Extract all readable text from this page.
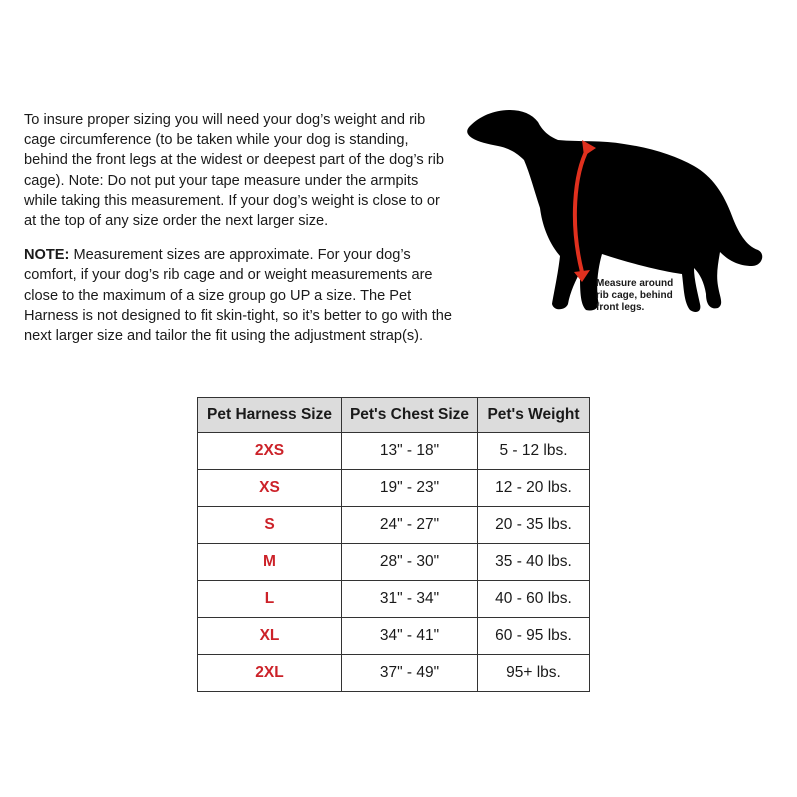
To insure proper sizing you will need your dog’s weight and rib cage circumference (to be taken while your dog is standing, behind the front legs at the widest or deepest part of the dog’s rib cage). Note: Do not put your tape measure under the armpits while taking this measurement. If your dog’s weight is close to or at the top of any size order the next larger size.

NOTE: Measurement sizes are approximate. For your dog’s comfort, if your dog’s rib cage and or weight measurements are close to the maximum of a size group go UP a size. The Pet Harness is not designed to fit skin-tight, so it’s better to go with the next larger size and tailor the fit using the adjustment strap(s).

Measure around
rib cage, behind
front legs.
Pet Harness Size	Pet's Chest Size	Pet's Weight
2XS	13" - 18"	5 - 12 lbs.
XS	19" - 23"	12 - 20 lbs.
S	24" - 27"	20 - 35 lbs.
M	28" - 30"	35 - 40 lbs.
L	31" - 34"	40 - 60 lbs.
XL	34" - 41"	60 - 95 lbs.
2XL	37" - 49"	95+ lbs.
